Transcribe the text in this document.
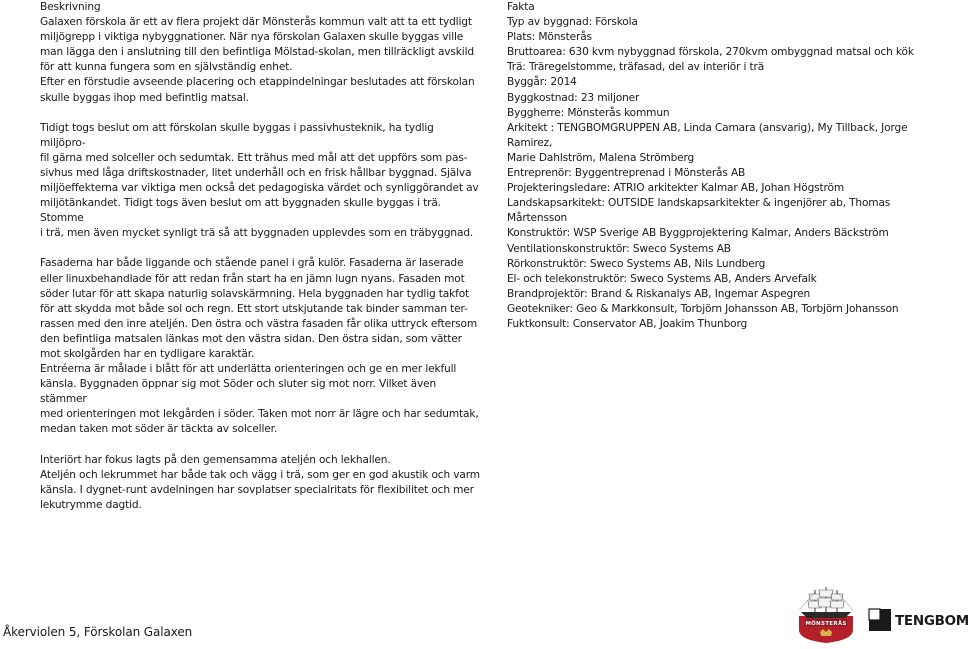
Beskrivning

Galaxen förskola är ett av flera projekt där Mönsterås kommun valt att ta ett tydligt
miljögrepp i viktiga nybyggnationer. När nya förskolan Galaxen skulle byggas ville
man lägga den i anslutning till den befintliga Mölstad-skolan, men tillräckligt avskild
för att kunna fungera som en självständig enhet.

Efter en förstudie avseende placering och etappindelningar beslutades att förskolan
skulle byggas ihop med befintlig matsal.

Tidigt togs beslut om att förskolan skulle byggas i passivhusteknik, ha tydlig miljöpro-
fil gärna med solceller och sedumtak. Ett trähus med mål att det uppförs som pas-
sivhus med låga driftskostnader, litet underhåll och en frisk hållbar byggnad. Själva
miljöeffekterna var viktiga men också det pedagogiska värdet och synliggörandet av
miljötänkandet. Tidigt togs även beslut om att byggnaden skulle byggas i trä. Stomme
i trä, men även mycket synligt trä så att byggnaden upplevdes som en träbyggnad.

Fasaderna har både liggande och stående panel i grå kulör. Fasaderna är laserade
eller linuxbehandlade för att redan från start ha en jämn lugn nyans. Fasaden mot
söder lutar för att skapa naturlig solavskärmning. Hela byggnaden har tydlig takfot
för att skydda mot både sol och regn. Ett stort utskjutande tak binder samman ter-
rassen med den inre ateljén. Den östra och västra fasaden får olika uttryck eftersom
den befintliga matsalen länkas mot den västra sidan. Den östra sidan, som vätter
mot skolgården har en tydligare karaktär.
Entréerna är målade i blått för att underlätta orienteringen och ge en mer lekfull
känsla. Byggnaden öppnar sig mot Söder och sluter sig mot norr. Vilket även stämmer
med orienteringen mot lekgården i söder. Taken mot norr är lägre och har sedumtak,
medan taken mot söder är täckta av solceller.

Interiört har fokus lagts på den gemensamma ateljén och lekhallen.
Ateljén och lekrummet har både tak och vägg i trä, som ger en god akustik och varm
känsla. I dygnet-runt avdelningen har sovplatser specialritats för flexibilitet och mer
lekutrymme dagtid.

Fakta

Typ av byggnad: Förskola
Plats: Mönsterås
Bruttoarea: 630 kvm nybyggnad förskola, 270kvm ombyggnad matsal och kök
Trä: Träregelstomme, träfasad, del av interiör i trä
Byggår: 2014
Byggkostnad: 23 miljoner
Byggherre: Mönsterås kommun
Arkitekt : TENGBOMGRUPPEN AB, Linda Camara (ansvarig), My Tillback, Jorge Ramirez,
Marie Dahlström, Malena Strömberg
Entreprenör: Byggentreprenad i Mönsterås AB
Projekteringsledare: ATRIO arkitekter Kalmar AB, Johan Högström
Landskapsarkitekt: OUTSIDE landskapsarkitekter & ingenjörer ab, Thomas Mårtensson
Konstruktör: WSP Sverige AB Byggprojektering Kalmar, Anders Bäckström
Ventilationskonstruktör: Sweco Systems AB
Rörkonstruktör: Sweco Systems AB, Nils Lundberg
El- och telekonstruktör: Sweco Systems AB, Anders Arvefalk
Brandprojektör: Brand & Riskanalys AB, Ingemar Aspegren
Geotekniker: Geo & Markkonsult, Torbjörn Johansson AB, Torbjörn Johansson
Fuktkonsult: Conservator AB, Joakim Thunborg
Åkerviolen 5, Förskolan Galaxen
MÖNSTERÅS	TENGBOM
